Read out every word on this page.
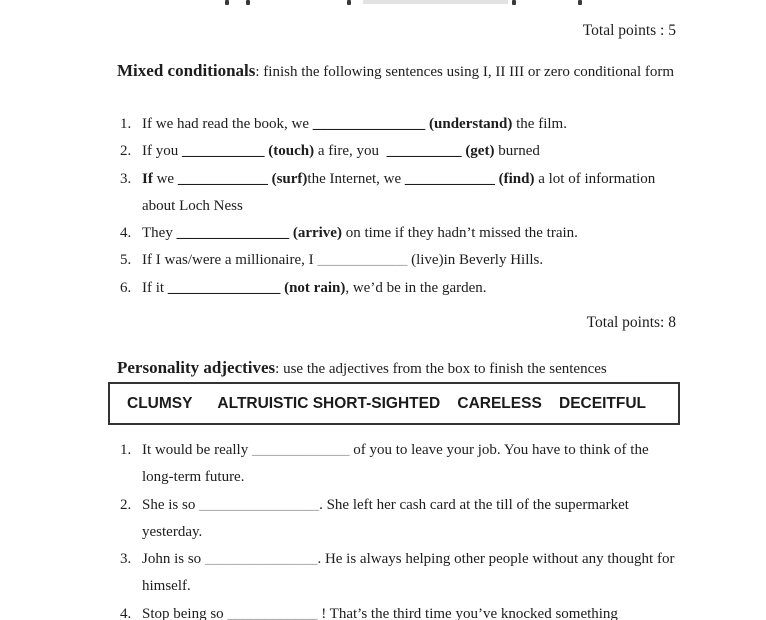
Total points : 5
Mixed conditionals: finish the following sentences using I, II III or zero conditional form
1. If we had read the book, we _______________ (understand) the film.
2. If you ___________ (touch) a fire, you  __________ (get) burned
3. If we ____________ (surf)the Internet, we ____________ (find) a lot of information about Loch Ness
4. They _______________ (arrive) on time if they hadn’t missed the train.
5. If I was/were a millionaire, I ____________ (live)in Beverly Hills.
6. If it _______________ (not rain), we’d be in the garden.
Total points: 8
Personality adjectives: use the adjectives from the box to finish the sentences
CLUMSY      ALTRUISTIC SHORT-SIGHTED    CARELESS    DECEITFUL
1. It would be really _____________ of you to leave your job. You have to think of the long-term future.
2. She is so ________________. She left her cash card at the till of the supermarket yesterday.
3. John is so _______________. He is always helping other people without any thought for himself.
4. Stop being so ____________ ! That’s the third time you’ve knocked something
